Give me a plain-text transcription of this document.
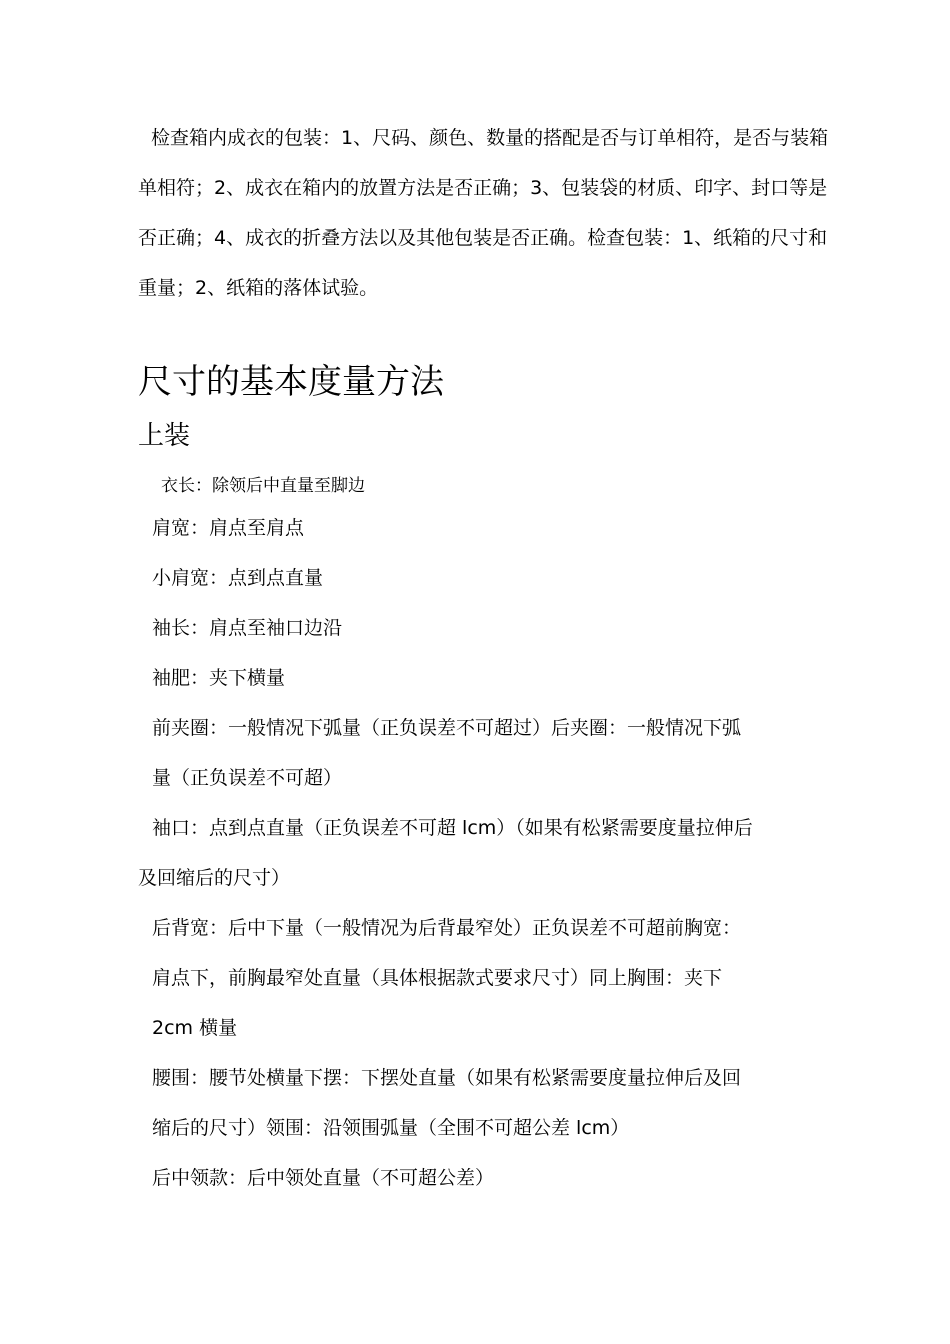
检查箱内成衣的包装：1、尺码、颜色、数量的搭配是否与订单相符，是否与装箱单相符；2、成衣在箱内的放置方法是否正确；3、包装袋的材质、印字、封口等是否正确；4、成衣的折叠方法以及其他包装是否正确。检查包装：1、纸箱的尺寸和重量；2、纸箱的落体试验。

尺寸的基本度量方法
上装

衣长：除领后中直量至脚边

肩宽：肩点至肩点

小肩宽：点到点直量

袖长：肩点至袖口边沿

袖肥：夹下横量

前夹圈：一般情况下弧量（正负误差不可超过）后夹圈：一般情况下弧

量（正负误差不可超）

袖口：点到点直量（正负误差不可超 lcm）（如果有松紧需要度量拉伸后

及回缩后的尺寸）

后背宽：后中下量（一般情况为后背最窄处）正负误差不可超前胸宽：

肩点下，前胸最窄处直量（具体根据款式要求尺寸）同上胸围：夹下

2cm 横量

腰围：腰节处横量下摆：下摆处直量（如果有松紧需要度量拉伸后及回

缩后的尺寸）领围：沿领围弧量（全围不可超公差 lcm）

后中领款：后中领处直量（不可超公差）
